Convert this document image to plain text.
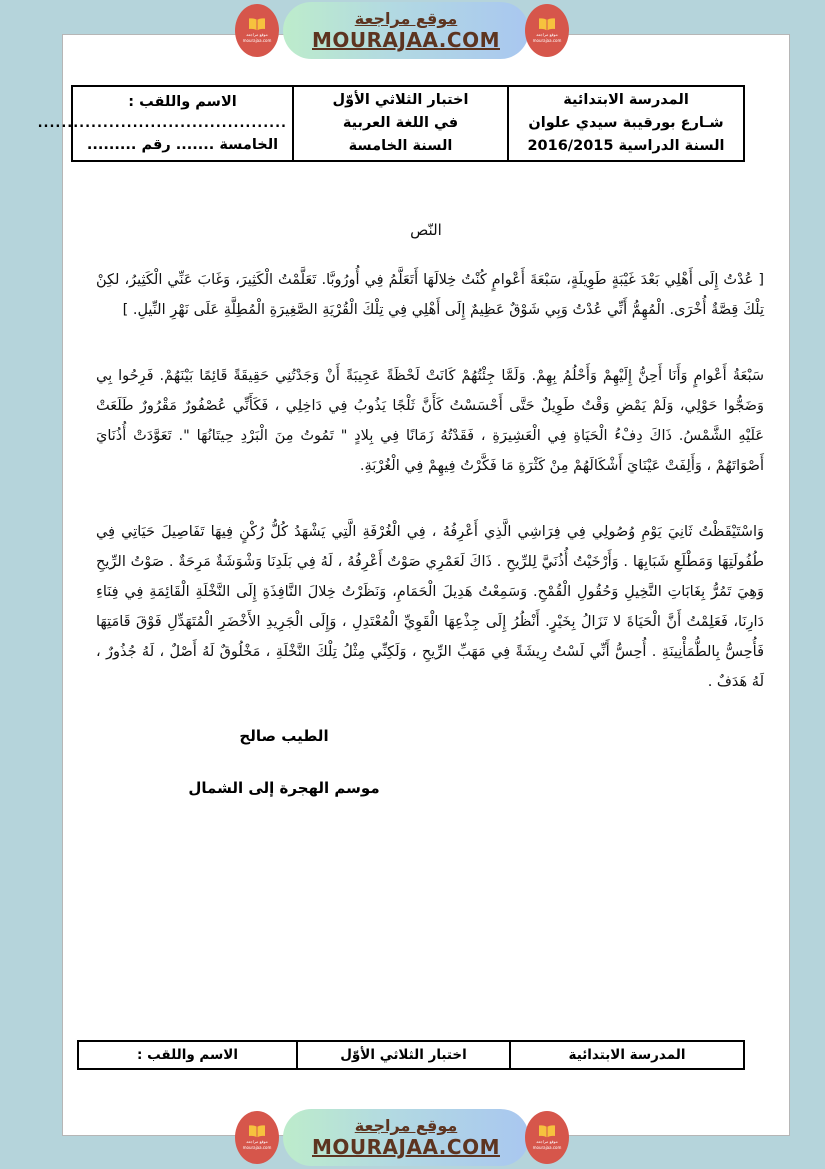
المدرسة الابتدائية
شـارع بورقيبة سيدي علوان
السنة الدراسية 2016/2015

اختبار الثلاثي الأوّل
في اللغة العربية
السنة الخامسة

الاسم واللقب :
..........................................
الخامسة ....... رقم .........
النّص

[ عُدْتُ إِلَى أَهْلِي بَعْدَ غَيْبَةٍ طَوِيلَةٍ، سَبْعَةَ أَعْوامٍ كُنْتُ خِلالَهَا أَتَعَلَّمُ فِي أُورُوبَّا. تَعَلَّمْتُ الْكَثِيرَ، وَغَابَ عَنِّي الْكَثِيرُ، لكِنْ تِلْكَ قِصَّةٌ أُخْرَى. الْمُهِمُّ أَنِّي عُدْتُ وَبِي شَوْقٌ عَظِيمٌ إِلَى أَهْلِي فِي تِلْكَ الْقُرْيَةِ الصَّغِيرَةِ الْمُطِلَّةِ عَلَى نَهْرِ النِّيلِ. ]

سَبْعَةُ أَعْوامٍ وَأَنَا أَحِنُّ إِلَيْهِمْ وَأَحْلُمُ بِهِمْ. وَلَمَّا جِئْتُهُمْ كَانَتْ لَحْظَةً عَجِيبَةً أَنْ وَجَدْتُنِي حَقِيقَةً قَائِمًا بَيْنَهُمْ. فَرِحُوا بِي وَضَجُّوا حَوْلِي، وَلَمْ يَمْضِ وَقْتٌ طَوِيلٌ حَتَّى أَحْسَسْتُ كَأَنَّ ثَلْجًا يَذُوبُ فِي دَاخِلِي ، فَكَأَنِّي عُصْفُورٌ مَقْرُورٌ طَلَعَتْ عَلَيْهِ الشَّمْسُ. ذَاكَ دِفْءُ الْحَيَاةِ فِي الْعَشِيرَةِ ، فَقَدْتُهُ زَمَانًا فِي بِلادٍ " تَمُوتُ مِنَ الْبَرْدِ حِيتَانُهَا ". تَعَوَّدَتْ أُذُنَايَ أَصْوَاتَهُمْ ، وَأَلِفَتْ عَيْنَايَ أَشْكَالَهُمْ مِنْ كَثْرَةِ مَا فَكَّرْتُ فِيهِمْ فِي الْغُرْبَةِ.

وَاسْتَيْقَظْتُ ثَانِيَ يَوْمِ وُصُولِي فِي فِرَاشِي الَّذِي أَعْرِفُهُ ، فِي الْغُرْفَةِ الَّتِي يَشْهَدُ كُلُّ رُكْنٍ فِيهَا تَفَاصِيلَ حَيَاتِي فِي طُفُولَتِهَا وَمَطْلَعِ شَبَابِهَا . وَأَرْخَيْتُ أُذُنَيَّ لِلرِّيحِ . ذَاكَ لَعَمْرِي صَوْتٌ أَعْرِفُهُ ، لَهُ فِي بَلَدِنَا وَشْوَشَةٌ مَرِحَةٌ . صَوْتُ الرِّيحِ وَهِيَ تَمُرُّ بِغَابَاتِ النَّخِيلِ وَحُقُولِ الْقُمْحِ. وَسَمِعْتُ هَدِيلَ الْحَمَامِ، وَنَظَرْتُ خِلالَ النَّافِذَةِ إِلَى النَّخْلَةِ الْقَائِمَةِ فِي فِنَاءِ دَارِنَا، فَعَلِمْتُ أَنَّ الْحَيَاةَ لا تَزَالُ بِخَيْرٍ. أَنْظُرُ إِلَى جِذْعِهَا الْقَوِيِّ الْمُعْتَدِلِ ، وَإِلَى الْجَرِيدِ الأَخْضَرِ الْمُتَهَدِّلِ فَوْقَ قَامَتِهَا فَأُحِسُّ بِالطُّمَأْنِينَةِ . أُحِسُّ أَنِّي لَسْتُ رِيشَةً فِي مَهَبِّ الرِّيحِ ، وَلَكِنِّي مِثْلُ تِلْكَ النَّخْلَةِ ، مَخْلُوقٌ لَهُ أَصْلٌ ، لَهُ جُذُورٌ ، لَهُ هَدَفٌ .

الطيب صالح
موسم الهجرة إلى الشمال
المدرسة الابتدائية	اختبار الثلاثي الأوّل	الاسم واللقب :
موقع مراجعة
mourajaa.com
موقع مراجعة
MOURAJAA.COM	موقع مراجعة
mourajaa.com
موقع مراجعة
mourajaa.com
موقع مراجعة
MOURAJAA.COM	موقع مراجعة
mourajaa.com
